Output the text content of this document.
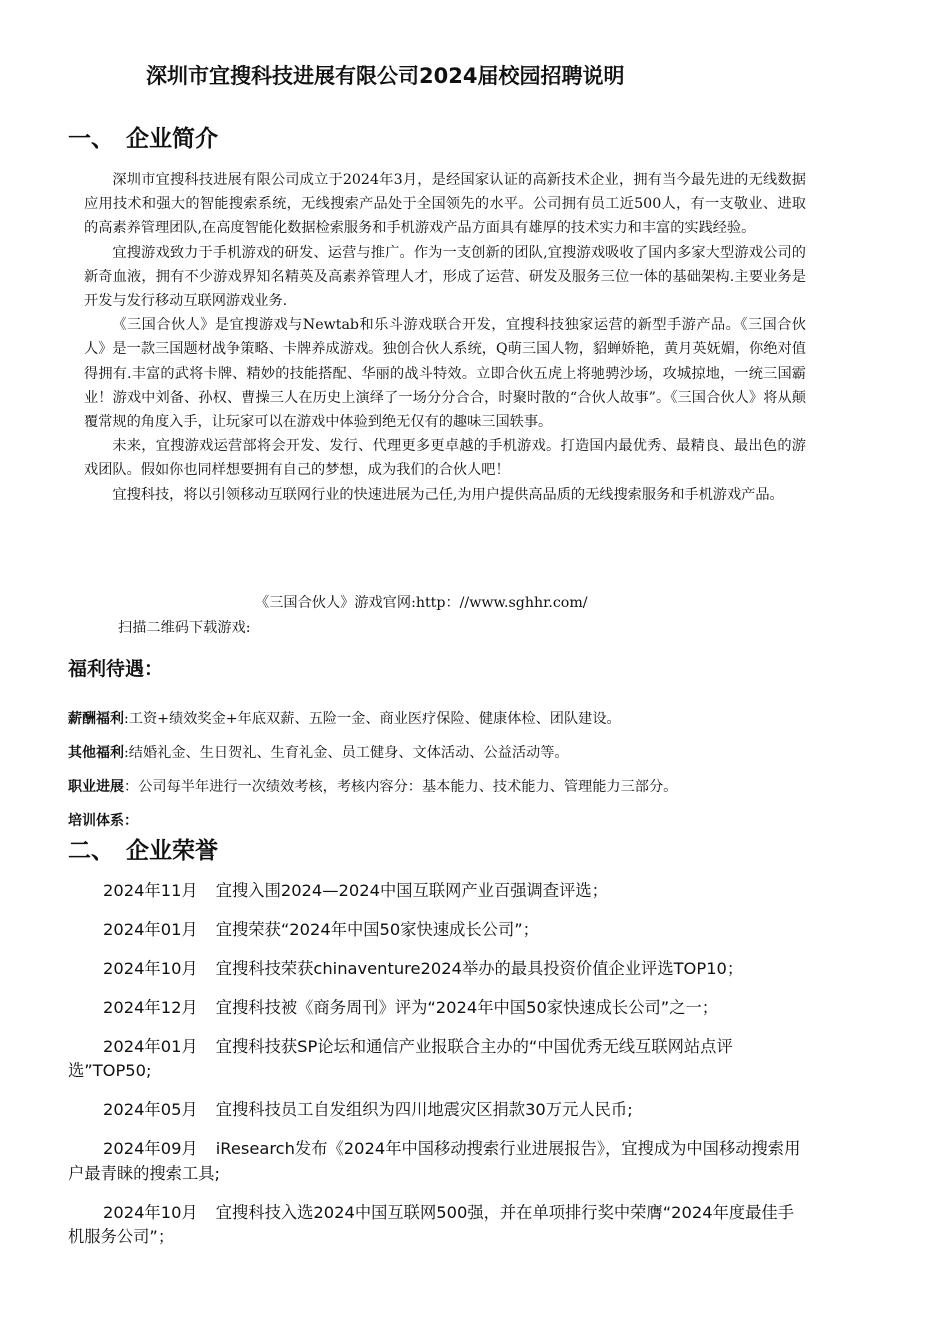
深圳市宜搜科技进展有限公司2024届校园招聘说明
一、 企业简介

深圳市宜搜科技进展有限公司成立于2024年3月，是经国家认证的高新技术企业，拥有当今最先进的无线数据应用技术和强大的智能搜索系统，无线搜索产品处于全国领先的水平。公司拥有员工近500人，有一支敬业、进取的高素养管理团队,在高度智能化数据检索服务和手机游戏产品方面具有雄厚的技术实力和丰富的实践经验。

宜搜游戏致力于手机游戏的研发、运营与推广。作为一支创新的团队,宜搜游戏吸收了国内多家大型游戏公司的新奇血液，拥有不少游戏界知名精英及高素养管理人才，形成了运营、研发及服务三位一体的基础架构.主要业务是开发与发行移动互联网游戏业务.

《三国合伙人》是宜搜游戏与Newtab和乐斗游戏联合开发，宜搜科技独家运营的新型手游产品。《三国合伙人》是一款三国题材战争策略、卡牌养成游戏。独创合伙人系统，Q萌三国人物，貂蝉娇艳，黄月英妩媚，你绝对值得拥有.丰富的武将卡牌、精妙的技能搭配、华丽的战斗特效。立即合伙五虎上将驰骋沙场，攻城掠地，一统三国霸业！游戏中刘备、孙权、曹操三人在历史上演绎了一场分分合合，时聚时散的“合伙人故事”。《三国合伙人》将从颠覆常规的角度入手，让玩家可以在游戏中体验到绝无仅有的趣味三国轶事。

未来，宜搜游戏运营部将会开发、发行、代理更多更卓越的手机游戏。打造国内最优秀、最精良、最出色的游戏团队。假如你也同样想要拥有自己的梦想，成为我们的合伙人吧！

宜搜科技，将以引领移动互联网行业的快速进展为己任,为用户提供高品质的无线搜索服务和手机游戏产品。

《三国合伙人》游戏官网:http：//www.sghhr.com/
扫描二维码下载游戏:
福利待遇：
薪酬福利:工资+绩效奖金+年底双薪、五险一金、商业医疗保险、健康体检、团队建设。
其他福利:结婚礼金、生日贺礼、生育礼金、员工健身、文体活动、公益活动等。
职业进展：公司每半年进行一次绩效考核，考核内容分：基本能力、技术能力、管理能力三部分。
培训体系：
二、 企业荣誉

2024年11月 宜搜入围2024—2024中国互联网产业百强调查评选；

2024年01月 宜搜荣获“2024年中国50家快速成长公司”；

2024年10月 宜搜科技荣获chinaventure2024举办的最具投资价值企业评选TOP10；

2024年12月 宜搜科技被《商务周刊》评为“2024年中国50家快速成长公司”之一；

2024年01月 宜搜科技获SP论坛和通信产业报联合主办的“中国优秀无线互联网站点评选”TOP50;

2024年05月 宜搜科技员工自发组织为四川地震灾区捐款30万元人民币;

2024年09月 iResearch发布《2024年中国移动搜索行业进展报告》，宜搜成为中国移动搜索用户最青睐的搜索工具;

2024年10月 宜搜科技入选2024中国互联网500强，并在单项排行奖中荣膺“2024年度最佳手机服务公司”；
